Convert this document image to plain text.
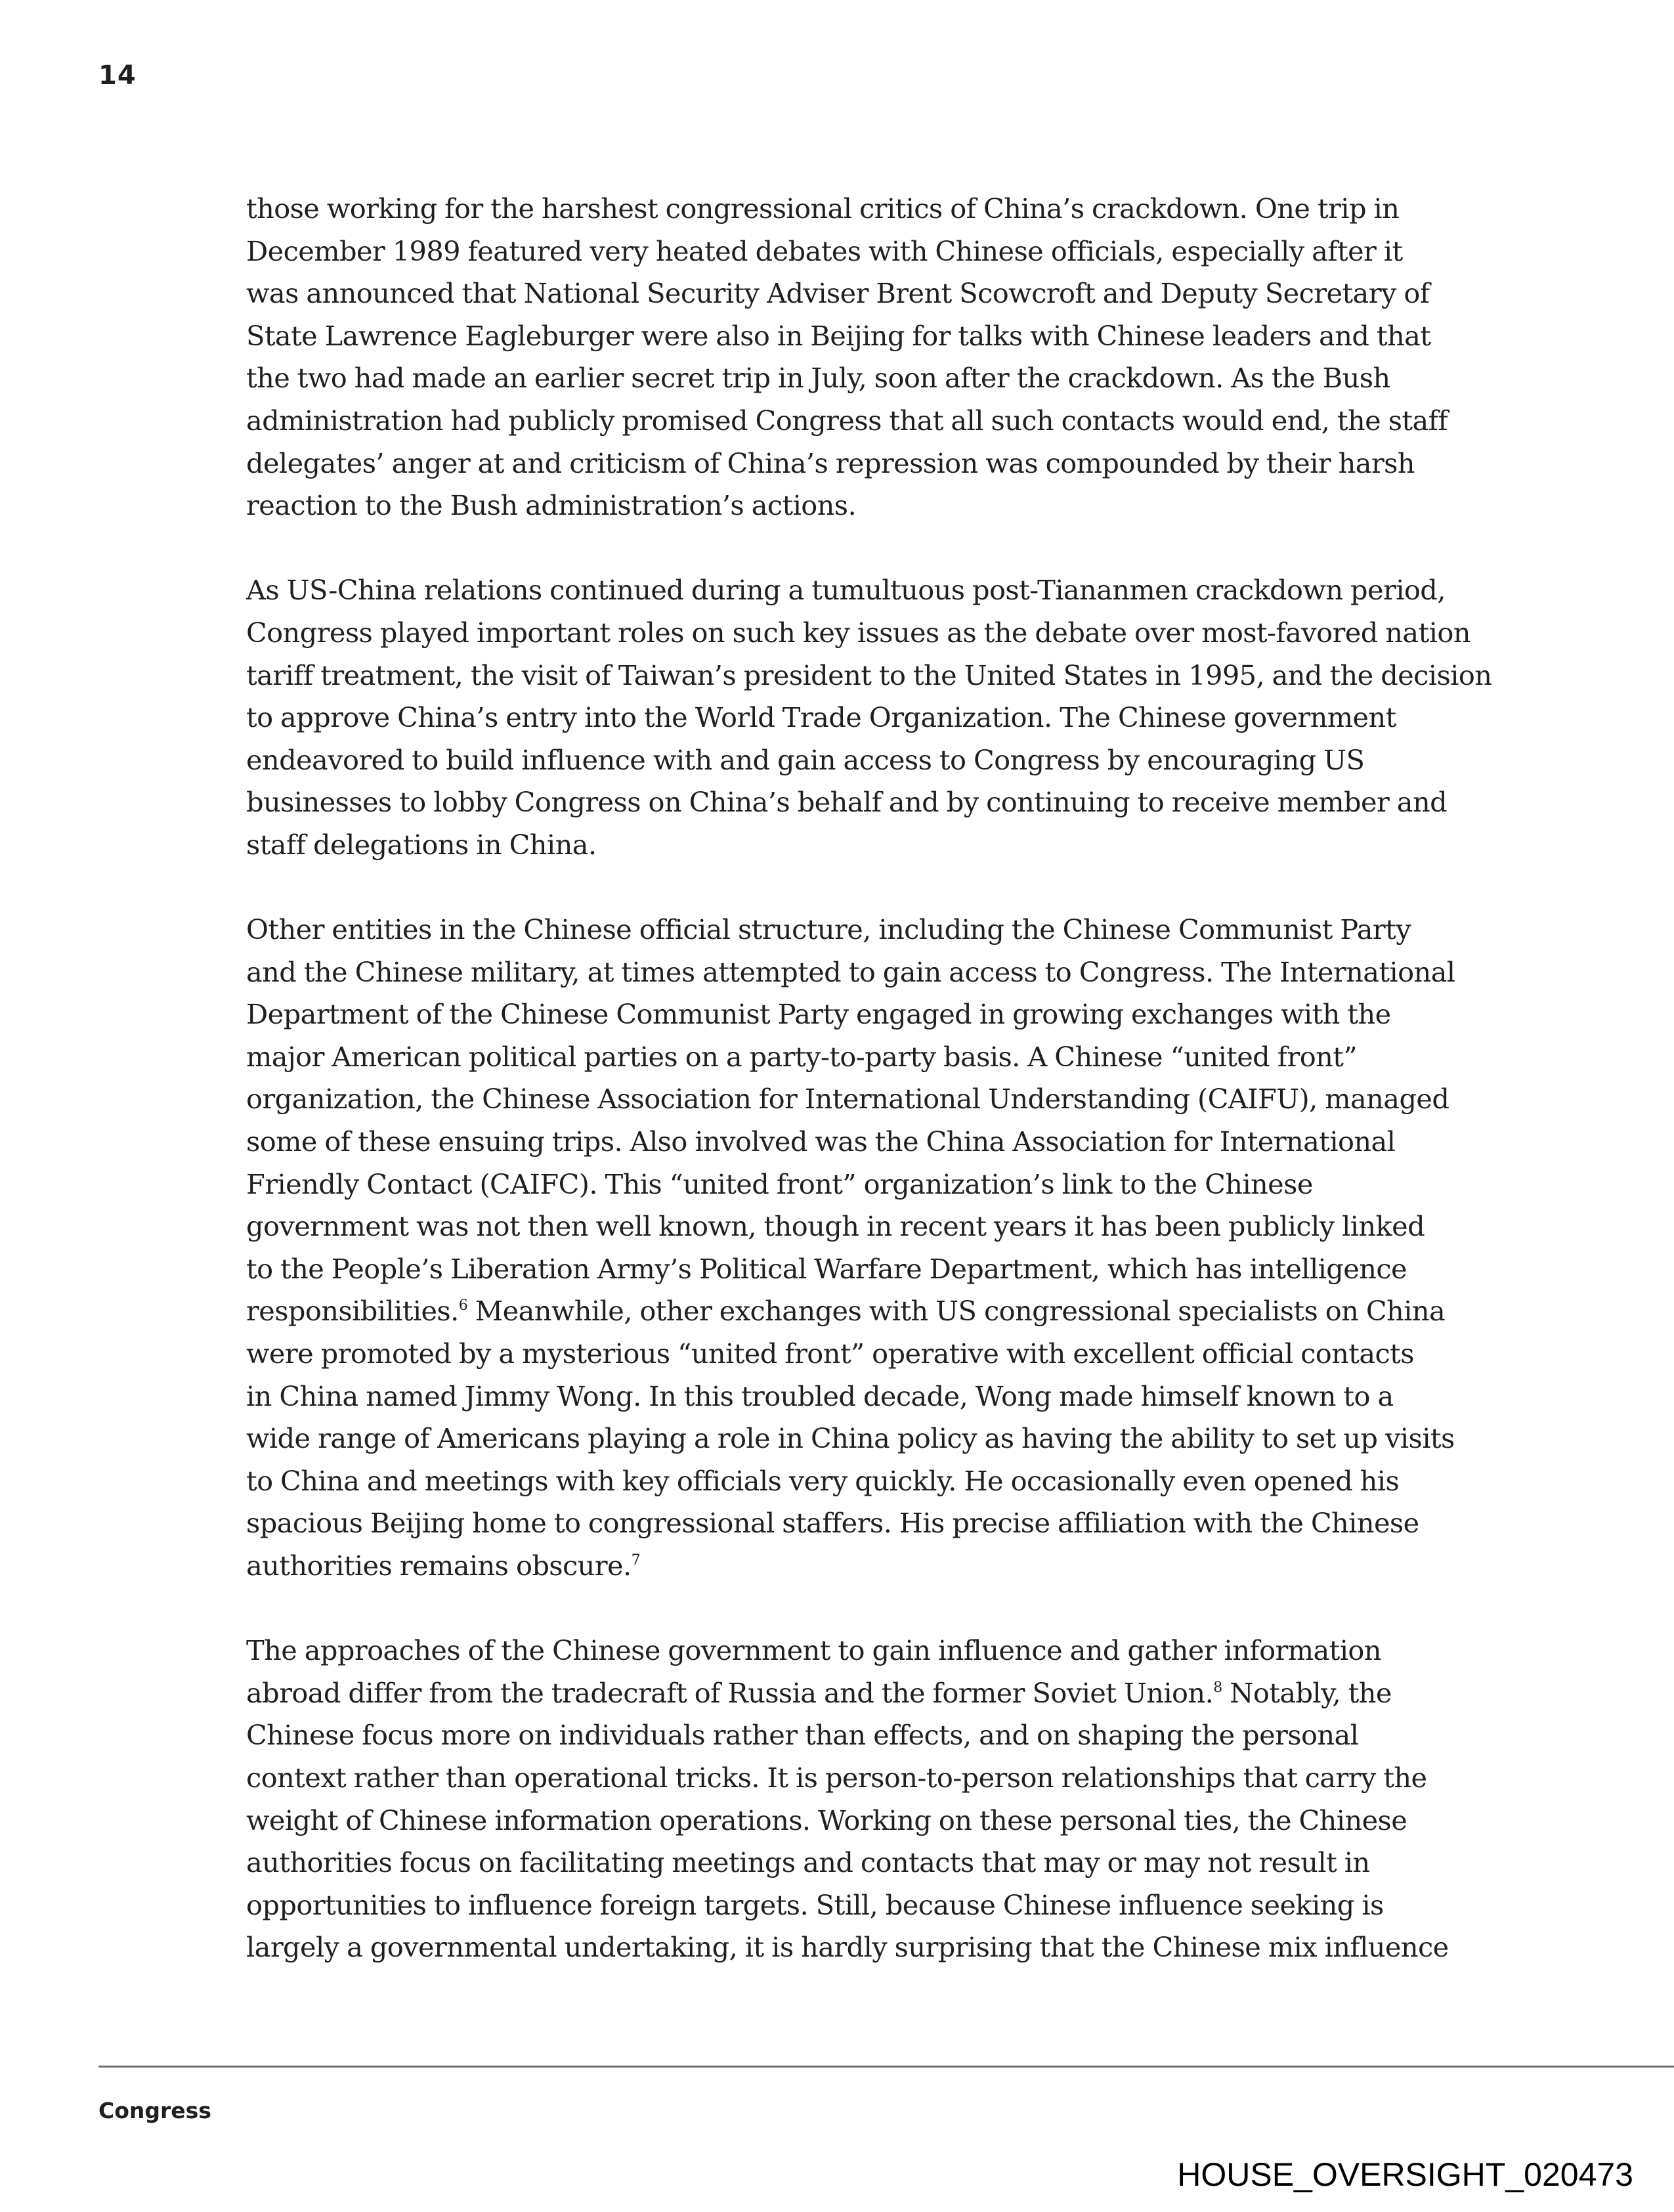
14

those working for the harshest congressional critics of China’s crackdown. One trip in
December 1989 featured very heated debates with Chinese officials, especially after it
was announced that National Security Adviser Brent Scowcroft and Deputy Secretary of
State Lawrence Eagleburger were also in Beijing for talks with Chinese leaders and that
the two had made an earlier secret trip in July, soon after the crackdown. As the Bush
administration had publicly promised Congress that all such contacts would end, the staff
delegates’ anger at and criticism of China’s repression was compounded by their harsh
reaction to the Bush administration’s actions.

As US-China relations continued during a tumultuous post-Tiananmen crackdown period,
Congress played important roles on such key issues as the debate over most-favored nation
tariff treatment, the visit of Taiwan’s president to the United States in 1995, and the decision
to approve China’s entry into the World Trade Organization. The Chinese government
endeavored to build influence with and gain access to Congress by encouraging US
businesses to lobby Congress on China’s behalf and by continuing to receive member and
staff delegations in China.

Other entities in the Chinese official structure, including the Chinese Communist Party
and the Chinese military, at times attempted to gain access to Congress. The International
Department of the Chinese Communist Party engaged in growing exchanges with the
major American political parties on a party-to-party basis. A Chinese “united front”
organization, the Chinese Association for International Understanding (CAIFU), managed
some of these ensuing trips. Also involved was the China Association for International
Friendly Contact (CAIFC). This “united front” organization’s link to the Chinese
government was not then well known, though in recent years it has been publicly linked
to the People’s Liberation Army’s Political Warfare Department, which has intelligence
responsibilities.$^6$ Meanwhile, other exchanges with US congressional specialists on China
were promoted by a mysterious “united front” operative with excellent official contacts
in China named Jimmy Wong. In this troubled decade, Wong made himself known to a
wide range of Americans playing a role in China policy as having the ability to set up visits
to China and meetings with key officials very quickly. He occasionally even opened his
spacious Beijing home to congressional staffers. His precise affiliation with the Chinese
authorities remains obscure.$^7$

The approaches of the Chinese government to gain influence and gather information
abroad differ from the tradecraft of Russia and the former Soviet Union.$^8$ Notably, the
Chinese focus more on individuals rather than effects, and on shaping the personal
context rather than operational tricks. It is person-to-person relationships that carry the
weight of Chinese information operations. Working on these personal ties, the Chinese
authorities focus on facilitating meetings and contacts that may or may not result in
opportunities to influence foreign targets. Still, because Chinese influence seeking is
largely a governmental undertaking, it is hardly surprising that the Chinese mix influence

Congress
HOUSE_OVERSIGHT_020473
